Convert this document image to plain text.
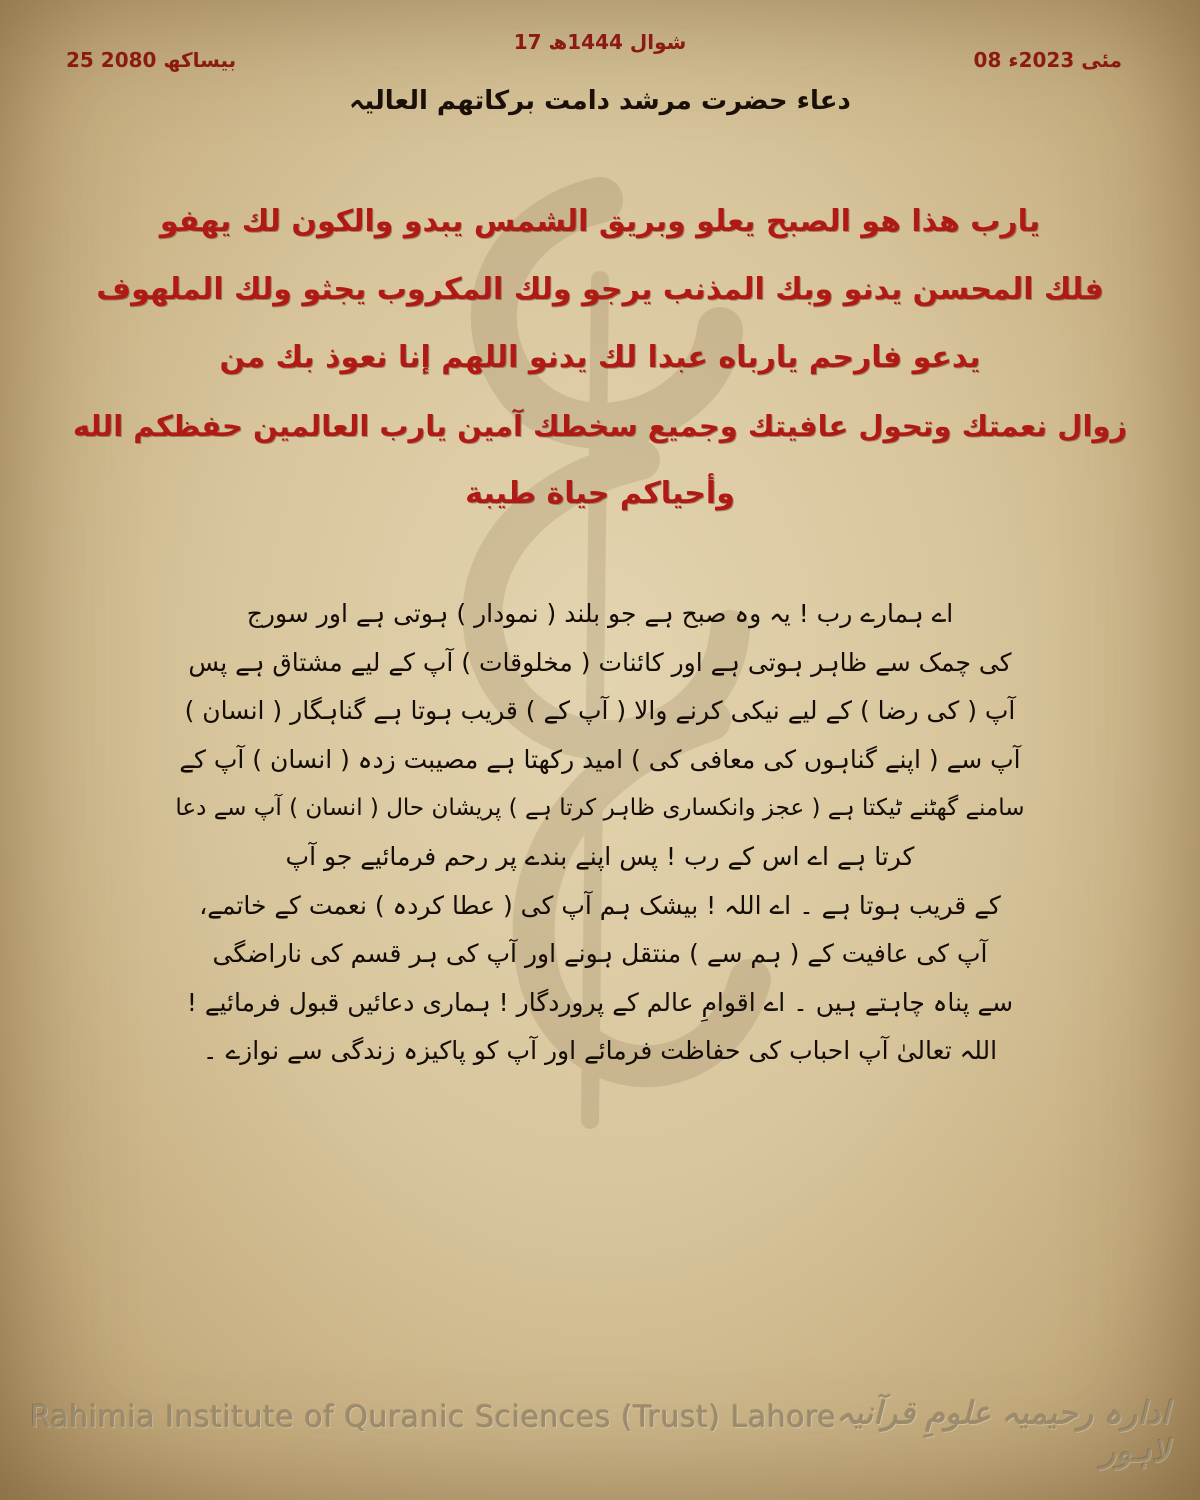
17 شوال 1444ھ
08 مئی 2023ء
25 بیساکھ 2080
دعاء حضرت مرشد دامت برکاتھم العالیہ
يارب هذا هو الصبح يعلو وبريق الشمس يبدو والكون لك يهفو
فلك المحسن يدنو وبك المذنب يرجو ولك المكروب يجثو ولك الملهوف
يدعو فارحم يارباه عبدا لك يدنو اللهم إنا نعوذ بك من
زوال نعمتك وتحول عافيتك وجميع سخطك آمين يارب العالمين حفظكم الله
وأحياكم حياة طيبة
اے ہمارے رب ! یہ وہ صبح ہے جو بلند ( نمودار ) ہوتی ہے اور سورج
کی چمک سے ظاہر ہوتی ہے اور کائنات ( مخلوقات ) آپ کے لیے مشتاق ہے پس
آپ ( کی رضا ) کے لیے نیکی کرنے والا ( آپ کے ) قریب ہوتا ہے گناہگار ( انسان )
آپ سے ( اپنے گناہوں کی معافی کی ) امید رکھتا ہے مصیبت زدہ ( انسان ) آپ کے
سامنے گھٹنے ٹیکتا ہے ( عجز وانکساری ظاہر کرتا ہے ) پریشان حال ( انسان ) آپ سے دعا
کرتا ہے اے اس کے رب ! پس اپنے بندے پر رحم فرمائیے جو آپ
کے قریب ہوتا ہے ۔ اے اللہ ! بیشک ہم آپ کی ( عطا کردہ ) نعمت کے خاتمے،
آپ کی عافیت کے ( ہم سے ) منتقل ہونے اور آپ کی ہر قسم کی ناراضگی
سے پناہ چاہتے ہیں ۔ اے اقوامِ عالم کے پروردگار ! ہماری دعائیں قبول فرمائیے !
اللہ تعالیٰ آپ احباب کی حفاظت فرمائے اور آپ کو پاکیزہ زندگی سے نوازے ۔
Rahimia Institute of Quranic Sciences (Trust) Lahore ادارہ رحیمیہ علومِ قرآنیہ لاہور
